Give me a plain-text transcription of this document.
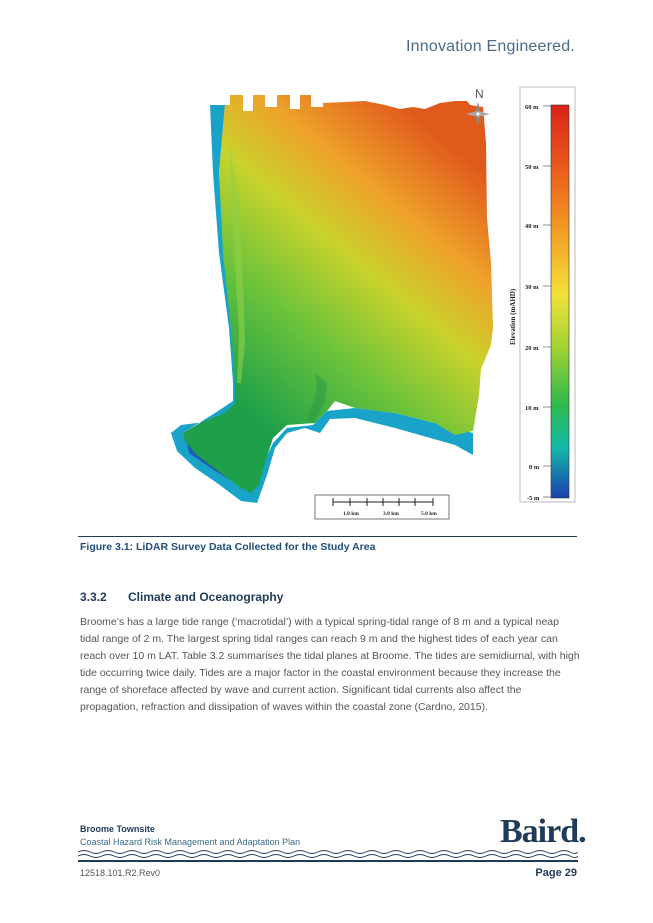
Innovation Engineered.
N
60 m
50 m
40 m
30 m
20 m
10 m
0 m
-5 m
Elevation (mAHD)
1.0 km	3.0 km	5.0 km
Figure 3.1: LiDAR Survey Data Collected for the Study Area
3.3.2 Climate and Oceanography

Broome’s has a large tide range (‘macrotidal’) with a typical spring-tidal range of 8 m and a typical neap tidal range of 2 m. The largest spring tidal ranges can reach 9 m and the highest tides of each year can reach over 10 m LAT. Table 3.2 summarises the tidal planes at Broome. The tides are semidiurnal, with high tide occurring twice daily. Tides are a major factor in the coastal environment because they increase the range of shoreface affected by wave and current action. Significant tidal currents also affect the propagation, refraction and dissipation of waves within the coastal zone (Cardno, 2015).

Broome Townsite
Coastal Hazard Risk Management and Adaptation Plan	Baird.
12518.101.R2.Rev0	Page 29
